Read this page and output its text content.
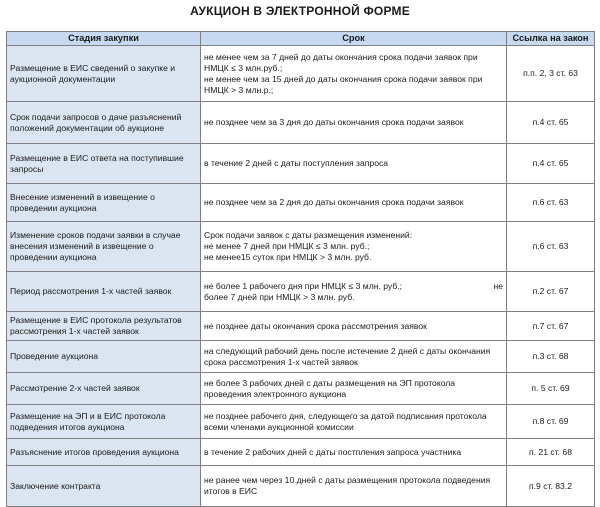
АУКЦИОН В ЭЛЕКТРОННОЙ ФОРМЕ
Стадия закупки	Срок	Ссылка на закон

Размещение в ЕИС сведений о закупке и
аукционной документации	не менее чем за 7 дней до даты окончания срока подачи заявок при
НМЦК ≤ 3 млн.руб.;
не менее чем за 15 дней до даты окончания срока подачи заявок при
НМЦК > 3 млн.р.;	п.п. 2, 3 ст. 63

Срок подачи запросов о даче разъяснений
положений документации об аукционе	не позднее чем за 3 дня до даты окончания срока подачи заявок	п.4 ст. 65

Размещение в ЕИС ответа на поступившие
запросы	в течение 2 дней с даты поступления запроса	п.4 ст. 65

Внесение изменений в извещение о
проведении аукциона	не позднее чем за 2 дня до даты окончания срока подачи заявок	п.6 ст. 63

Изменение сроков подачи заявки в случае
внесения изменений в извещение о
проведении аукциона	Срок подачи заявок с даты размещения изменений:
не менее 7 дней при НМЦК ≤ 3 млн. руб.;
не менее15 суток при НМЦК > 3 млн. руб.	п.6 ст. 63

Период рассмотрения 1-х частей заявок	не более 1 рабочего дня при НМЦК ≤ 3 млн. руб.; не
более 7 дней при НМЦК > 3 млн. руб.	п.2 ст. 67

Размещение в ЕИС протокола результатов
рассмотрения 1-х частей заявок	не позднее даты окончания срока рассмотрения заявок	п.7 ст. 67

Проведение аукциона	на следующий рабочий день после истечение 2 дней с даты окончания
срока рассмотрения 1-х частей заявок	п.3 ст. 68

Рассмотрение 2-х частей заявок	не более 3 рабочих дней с даты размещения на ЭП протокола
проведения электронного аукциона	п. 5 ст. 69

Размещение на ЭП и в ЕИС протокола
подведения итогов аукциона	не позднее рабочего дня, следующего за датой подписания протокола
всеми членами аукционной комиссии	п.8 ст. 69

Разъяснение итогов проведения аукциона	в течение 2 рабочих дней с даты постпления запроса участника	п. 21 ст. 68

Заключение контракта	не ранее чем через 10 дней с даты размещения протокола подведения
итогов в ЕИС	п.9 ст. 83.2
